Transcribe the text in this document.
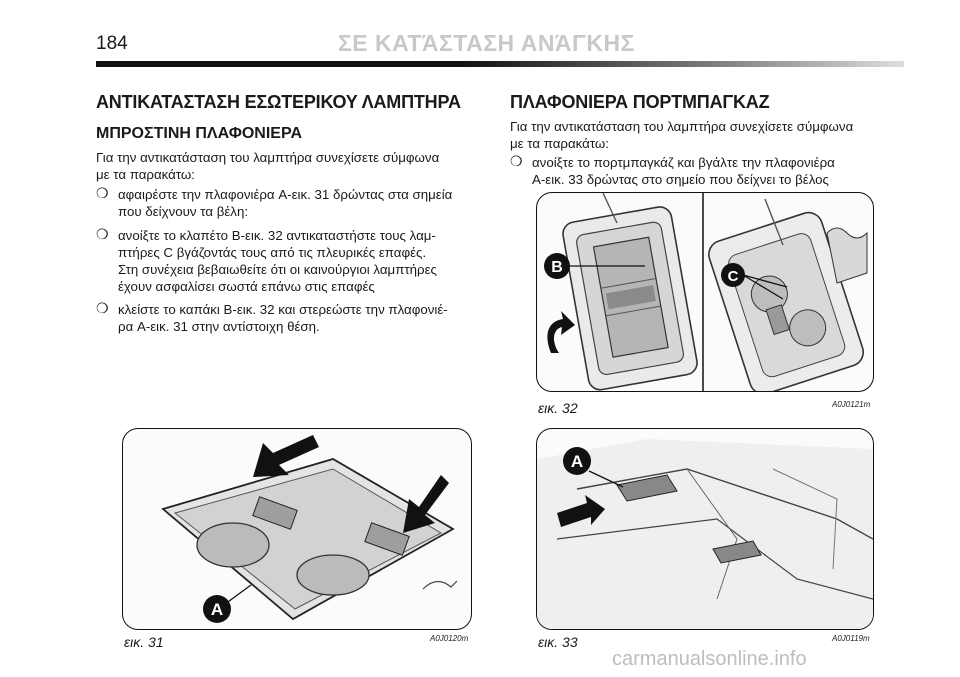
184	ΣΕ ΚΑΤΆΣΤΑΣΗ ΑΝΆΓΚΗΣ
ΑΝΤΙΚΑΤΑΣΤΑΣΗ ΕΣΩΤΕΡΙΚΟΥ ΛΑΜΠΤΗΡΑ
ΜΠΡΟΣΤΙΝΗ ΠΛΑΦΟΝΙΕΡΑ
Για την αντικατάσταση του λαμπτήρα συνεχίσετε σύμφωνα
με τα παρακάτω:
❍ αφαιρέστε την πλαφονιέρα A-εικ. 31 δρώντας στα σημεία
που δείχνουν τα βέλη:
❍ ανοίξτε το κλαπέτο B-εικ. 32 αντικαταστήστε τους λαμ-
πτήρες C βγάζοντάς τους από τις πλευρικές επαφές.
Στη συνέχεια βεβαιωθείτε ότι οι καινούργιοι λαμπτήρες
έχουν ασφαλίσει σωστά επάνω στις επαφές
❍ κλείστε το καπάκι B-εικ. 32 και στερεώστε την πλαφονιέ-
ρα A-εικ. 31 στην αντίστοιχη θέση.
ΠΛΑΦΟΝΙΕΡΑ ΠΟΡΤΜΠΑΓΚΑΖ
Για την αντικατάσταση του λαμπτήρα συνεχίσετε σύμφωνα
με τα παρακάτω:
❍ ανοίξτε το πορτμπαγκάζ και βγάλτε την πλαφονιέρα
A-εικ. 33 δρώντας στο σημείο που δείχνει το βέλος
B
C
εικ. 32	A0J0121m
A
εικ. 31	A0J0120m
A
εικ. 33	A0J0119m
carmanualsonline.info
